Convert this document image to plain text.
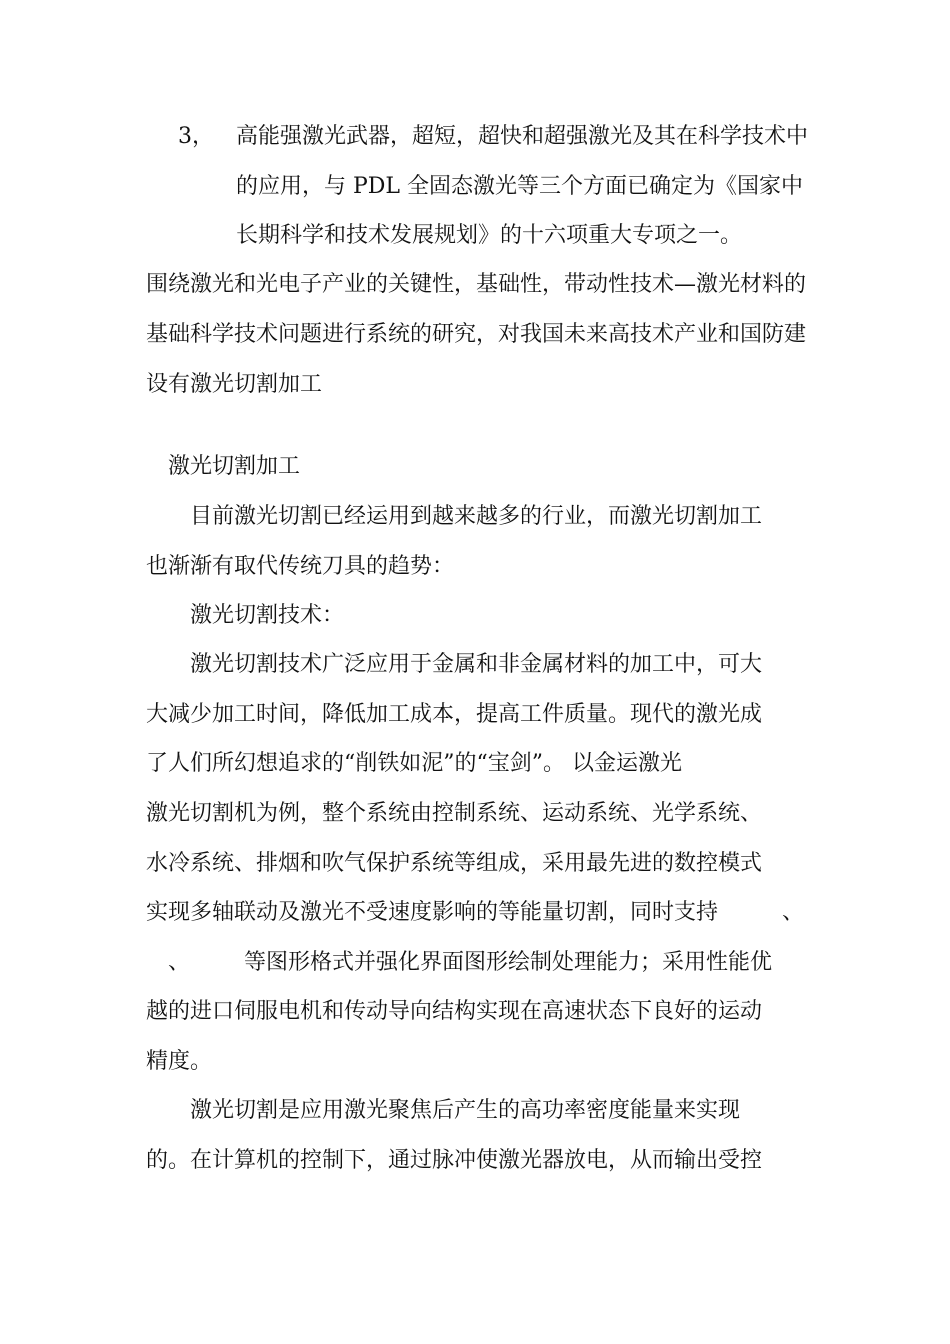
3， 高能强激光武器，超短，超快和超强激光及其在科学技术中

的应用，与 PDL 全固态激光等三个方面已确定为《国家中

长期科学和技术发展规划》的十六项重大专项之一。

围绕激光和光电子产业的关键性，基础性，带动性技术—激光材料的

基础科学技术问题进行系统的研究，对我国未来高技术产业和国防建

设有激光切割加工

激光切割加工

目前激光切割已经运用到越来越多的行业，而激光切割加工

也渐渐有取代传统刀具的趋势：

激光切割技术：

激光切割技术广泛应用于金属和非金属材料的加工中，可大

大减少加工时间，降低加工成本，提高工件质量。现代的激光成

了人们所幻想追求的“削铁如泥”的“宝剑”。 以金运激光

激光切割机为例，整个系统由控制系统、运动系统、光学系统、

水冷系统、排烟和吹气保护系统等组成，采用最先进的数控模式

实现多轴联动及激光不受速度影响的等能量切割，同时支持	、

、 等图形格式并强化界面图形绘制处理能力；采用性能优

越的进口伺服电机和传动导向结构实现在高速状态下良好的运动

精度。

激光切割是应用激光聚焦后产生的高功率密度能量来实现

的。在计算机的控制下，通过脉冲使激光器放电，从而输出受控
